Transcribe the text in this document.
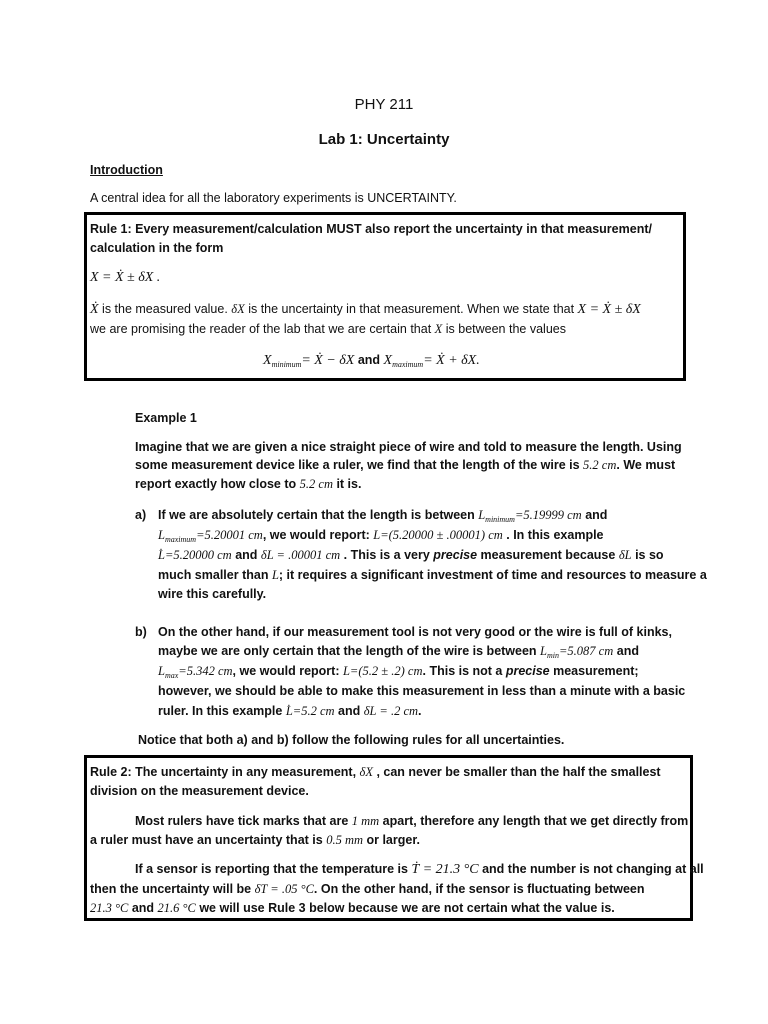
PHY 211
Lab 1: Uncertainty
Introduction
A central idea for all the laboratory experiments is UNCERTAINTY.
Rule 1: Every measurement/calculation MUST also report the uncertainty in that measurement/
calculation in the form
X = Ẋ ± δX .
Ẋ is the measured value. δX is the uncertainty in that measurement. When we state that X = Ẋ ± δX
we are promising the reader of the lab that we are certain that X is between the values
$X_{minimum}=$ Ẋ − δX and $X_{maximum}=$ Ẋ + δX.
Example 1
Imagine that we are given a nice straight piece of wire and told to measure the length. Using
some measurement device like a ruler, we find that the length of the wire is 5.2 cm. We must
report exactly how close to 5.2 cm it is.
a) If we are absolutely certain that the length is between $L_{minimum}=5.19999$ cm and
$L_{maximum}=5.20001$ cm, we would report: L=(5.20000 ± .00001) cm . In this example
L̇=5.20000 cm and δL = .00001 cm . This is a very precise measurement because δL is so
much smaller than L; it requires a significant investment of time and resources to measure a
wire this carefully.
b) On the other hand, if our measurement tool is not very good or the wire is full of kinks,
maybe we are only certain that the length of the wire is between $L_{min}=5.087$ cm and
$L_{max}=5.342$ cm, we would report: L=(5.2 ± .2) cm. This is not a precise measurement;
however, we should be able to make this measurement in less than a minute with a basic
ruler. In this example L̇=5.2 cm and δL = .2 cm.
Notice that both a) and b) follow the following rules for all uncertainties.
Rule 2: The uncertainty in any measurement, δX , can never be smaller than the half the smallest
division on the measurement device.
Most rulers have tick marks that are 1 mm apart, therefore any length that we get directly from
a ruler must have an uncertainty that is 0.5 mm or larger.
If a sensor is reporting that the temperature is Ṫ = 21.3 °C and the number is not changing at all
then the uncertainty will be δT = .05 °C. On the other hand, if the sensor is fluctuating between
21.3 °C and 21.6 °C we will use Rule 3 below because we are not certain what the value is.
